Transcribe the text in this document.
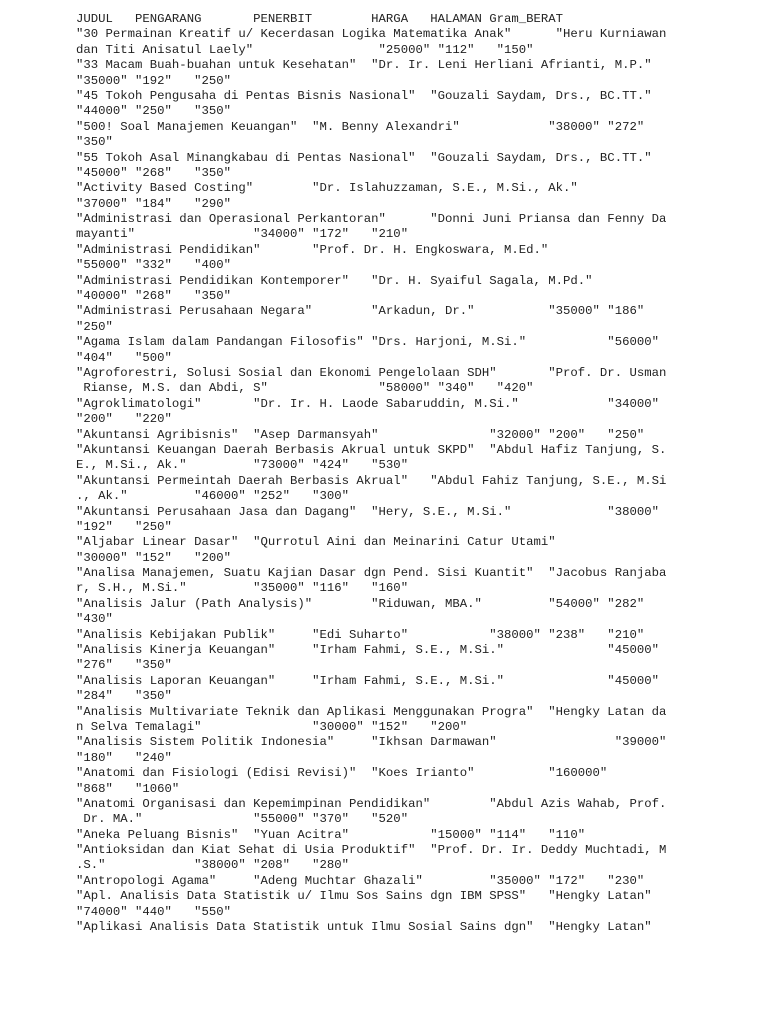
JUDUL   PENGARANG       PENERBIT        HARGA   HALAMAN Gram_BERAT
"30 Permainan Kreatif u/ Kecerdasan Logika Matematika Anak"      "Heru Kurniawan
dan Titi Anisatul Laely"                 "25000" "112"   "150"
"33 Macam Buah-buahan untuk Kesehatan"  "Dr. Ir. Leni Herliani Afrianti, M.P."
"35000" "192"   "250"
"45 Tokoh Pengusaha di Pentas Bisnis Nasional"  "Gouzali Saydam, Drs., BC.TT."
"44000" "250"   "350"
"500! Soal Manajemen Keuangan"  "M. Benny Alexandri"            "38000" "272"
"350"
"55 Tokoh Asal Minangkabau di Pentas Nasional"  "Gouzali Saydam, Drs., BC.TT."
"45000" "268"   "350"
"Activity Based Costing"        "Dr. Islahuzzaman, S.E., M.Si., Ak."
"37000" "184"   "290"
"Administrasi dan Operasional Perkantoran"      "Donni Juni Priansa dan Fenny Da
mayanti"                "34000" "172"   "210"
"Administrasi Pendidikan"       "Prof. Dr. H. Engkoswara, M.Ed."
"55000" "332"   "400"
"Administrasi Pendidikan Kontemporer"   "Dr. H. Syaiful Sagala, M.Pd."
"40000" "268"   "350"
"Administrasi Perusahaan Negara"        "Arkadun, Dr."          "35000" "186"
"250"
"Agama Islam dalam Pandangan Filosofis" "Drs. Harjoni, M.Si."           "56000"
"404"   "500"
"Agroforestri, Solusi Sosial dan Ekonomi Pengelolaan SDH"       "Prof. Dr. Usman
Rianse, M.S. dan Abdi, S"               "58000" "340"   "420"
"Agroklimatologi"       "Dr. Ir. H. Laode Sabaruddin, M.Si."            "34000"
"200"   "220"
"Akuntansi Agribisnis"  "Asep Darmansyah"               "32000" "200"   "250"
"Akuntansi Keuangan Daerah Berbasis Akrual untuk SKPD"  "Abdul Hafiz Tanjung, S.
E., M.Si., Ak."         "73000" "424"   "530"
"Akuntansi Permeintah Daerah Berbasis Akrual"   "Abdul Fahiz Tanjung, S.E., M.Si
., Ak."         "46000" "252"   "300"
"Akuntansi Perusahaan Jasa dan Dagang"  "Hery, S.E., M.Si."             "38000"
"192"   "250"
"Aljabar Linear Dasar"  "Qurrotul Aini dan Meinarini Catur Utami"
"30000" "152"   "200"
"Analisa Manajemen, Suatu Kajian Dasar dgn Pend. Sisi Kuantit"  "Jacobus Ranjaba
r, S.H., M.Si."         "35000" "116"   "160"
"Analisis Jalur (Path Analysis)"        "Riduwan, MBA."         "54000" "282"
"430"
"Analisis Kebijakan Publik"     "Edi Suharto"           "38000" "238"   "210"
"Analisis Kinerja Keuangan"     "Irham Fahmi, S.E., M.Si."              "45000"
"276"   "350"
"Analisis Laporan Keuangan"     "Irham Fahmi, S.E., M.Si."              "45000"
"284"   "350"
"Analisis Multivariate Teknik dan Aplikasi Menggunakan Progra"  "Hengky Latan da
n Selva Temalagi"               "30000" "152"   "200"
"Analisis Sistem Politik Indonesia"     "Ikhsan Darmawan"                "39000"
"180"   "240"
"Anatomi dan Fisiologi (Edisi Revisi)"  "Koes Irianto"          "160000"
"868"   "1060"
"Anatomi Organisasi dan Kepemimpinan Pendidikan"        "Abdul Azis Wahab, Prof.
Dr. MA."               "55000" "370"   "520"
"Aneka Peluang Bisnis"  "Yuan Acitra"           "15000" "114"   "110"
"Antioksidan dan Kiat Sehat di Usia Produktif"  "Prof. Dr. Ir. Deddy Muchtadi, M
.S."            "38000" "208"   "280"
"Antropologi Agama"     "Adeng Muchtar Ghazali"         "35000" "172"   "230"
"Apl. Analisis Data Statistik u/ Ilmu Sos Sains dgn IBM SPSS"   "Hengky Latan"
"74000" "440"   "550"
"Aplikasi Analisis Data Statistik untuk Ilmu Sosial Sains dgn"  "Hengky Latan"
